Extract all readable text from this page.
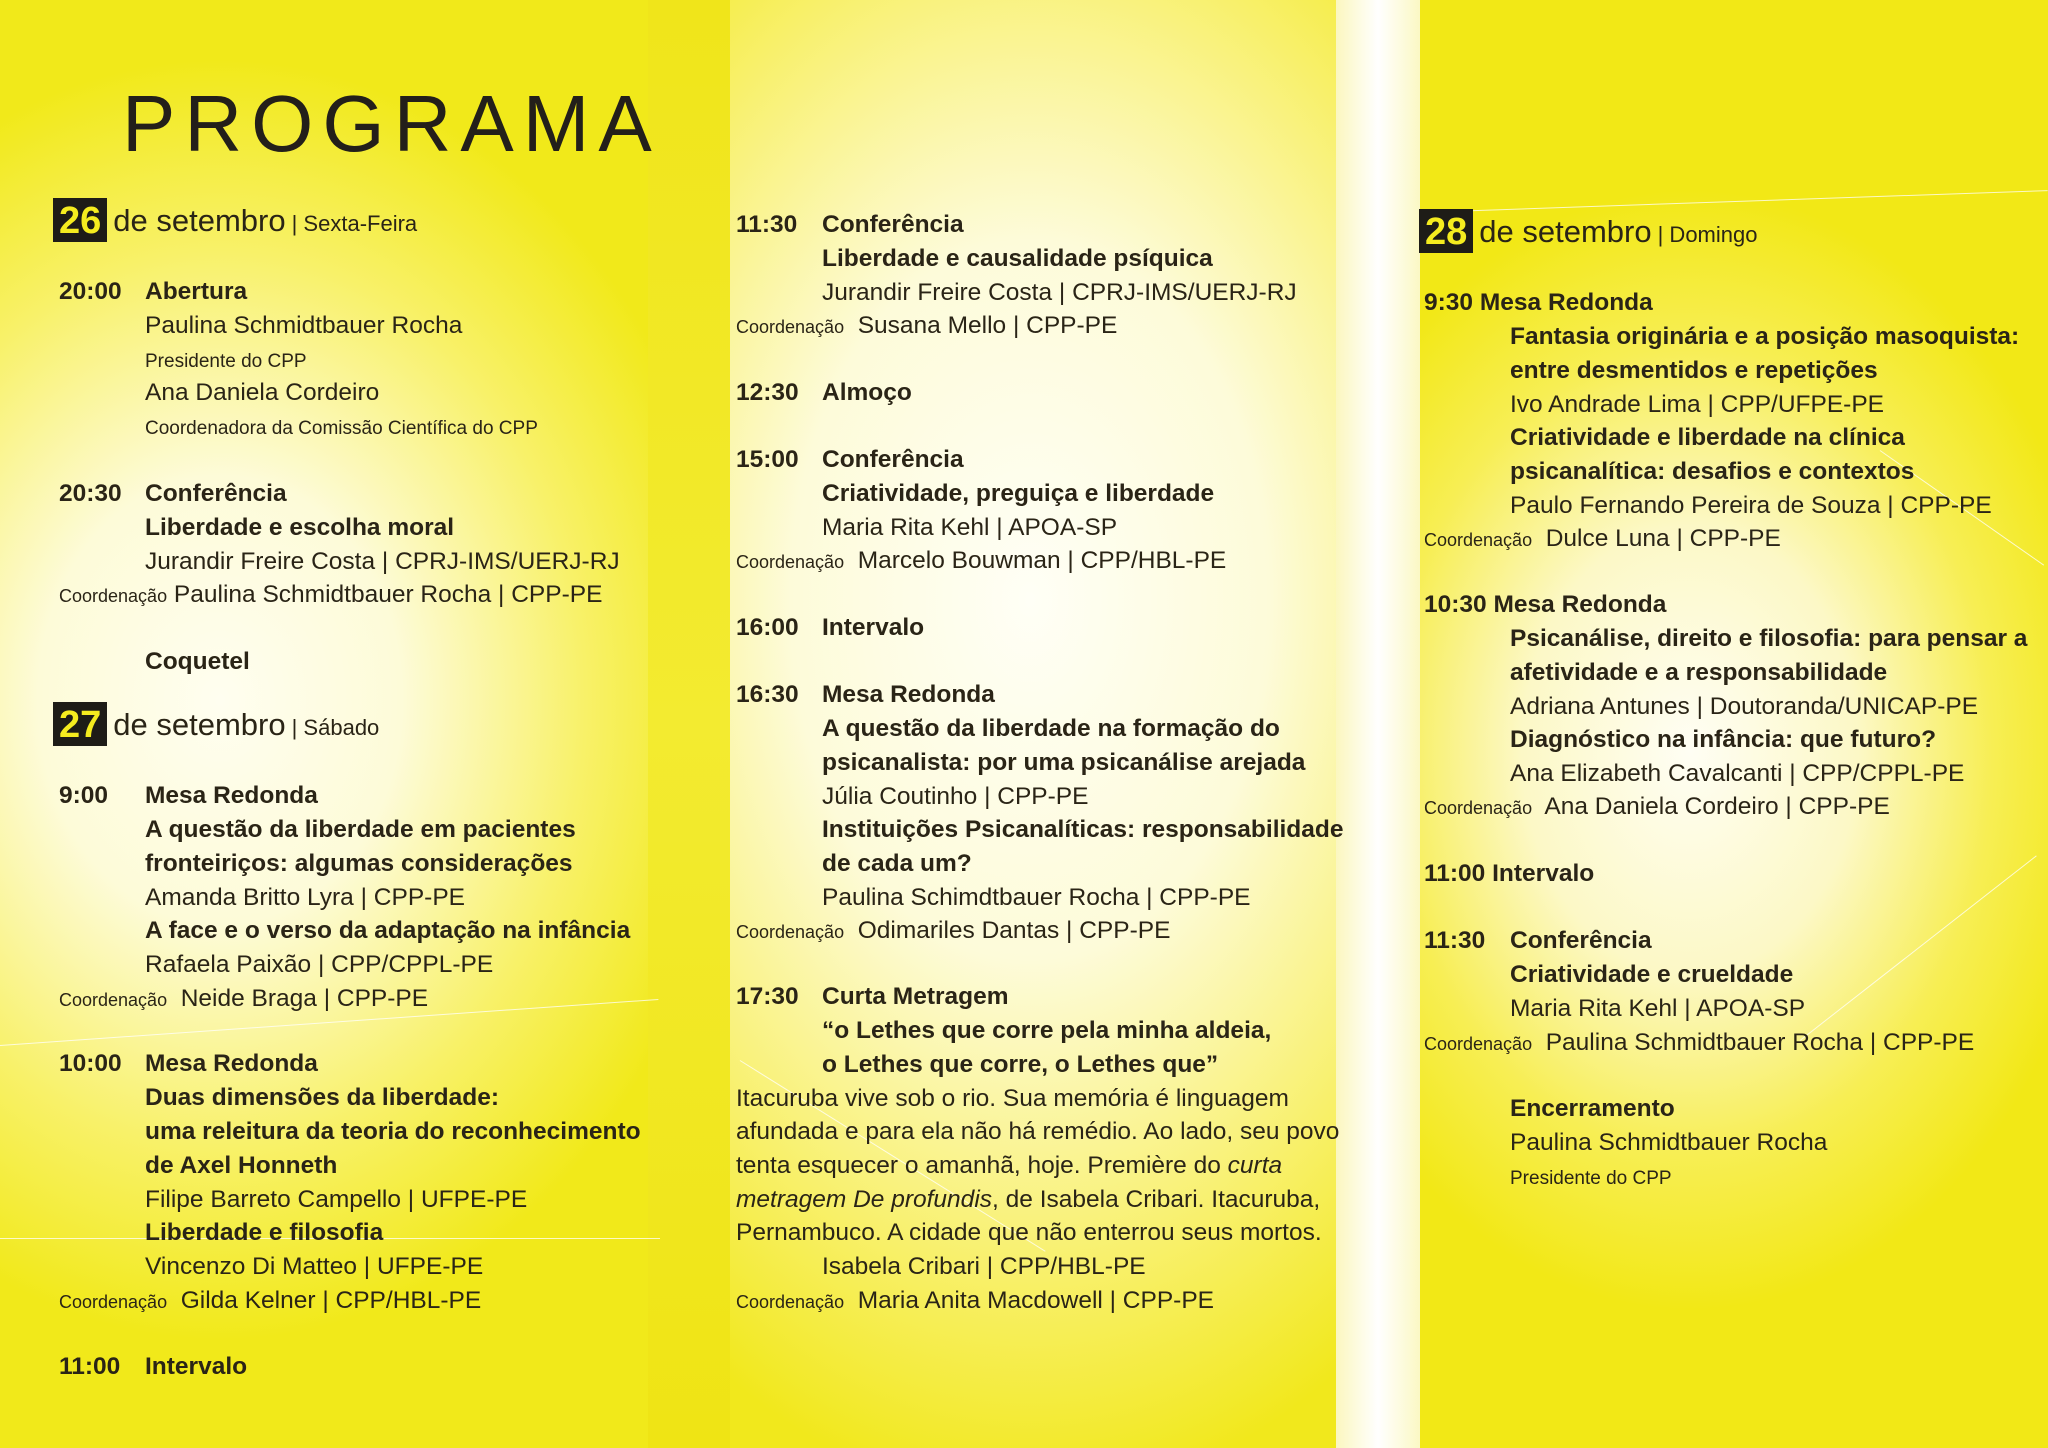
PROGRAMA
26 de setembro | Sexta-Feira
20:00 Abertura
Paulina Schmidtbauer Rocha
Presidente do CPP
Ana Daniela Cordeiro
Coordenadora da Comissão Científica do CPP
20:30 Conferência
Liberdade e escolha moral
Jurandir Freire Costa | CPRJ-IMS/UERJ-RJ
Coordenação Paulina Schmidtbauer Rocha | CPP-PE
Coquetel
27 de setembro | Sábado
9:00 Mesa Redonda
A questão da liberdade em pacientes
fronteiriços: algumas considerações
Amanda Britto Lyra | CPP-PE
A face e o verso da adaptação na infância
Rafaela Paixão | CPP/CPPL-PE
Coordenação Neide Braga | CPP-PE
10:00 Mesa Redonda
Duas dimensões da liberdade:
uma releitura da teoria do reconhecimento
de Axel Honneth
Filipe Barreto Campello | UFPE-PE
Liberdade e filosofia
Vincenzo Di Matteo | UFPE-PE
Coordenação Gilda Kelner | CPP/HBL-PE
11:00 Intervalo
11:30 Conferência
Liberdade e causalidade psíquica
Jurandir Freire Costa | CPRJ-IMS/UERJ-RJ
Coordenação Susana Mello | CPP-PE
12:30 Almoço
15:00 Conferência
Criatividade, preguiça e liberdade
Maria Rita Kehl | APOA-SP
Coordenação Marcelo Bouwman | CPP/HBL-PE
16:00 Intervalo
16:30 Mesa Redonda
A questão da liberdade na formação do
psicanalista: por uma psicanálise arejada
Júlia Coutinho | CPP-PE
Instituições Psicanalíticas: responsabilidade
de cada um?
Paulina Schimdtbauer Rocha | CPP-PE
Coordenação Odimariles Dantas | CPP-PE
17:30 Curta Metragem
“o Lethes que corre pela minha aldeia,
o Lethes que corre, o Lethes que”
Itacuruba vive sob o rio. Sua memória é linguagem
afundada e para ela não há remédio. Ao lado, seu povo
tenta esquecer o amanhã, hoje. Première do curta
metragem De profundis, de Isabela Cribari. Itacuruba,
Pernambuco. A cidade que não enterrou seus mortos.
Isabela Cribari | CPP/HBL-PE
Coordenação Maria Anita Macdowell | CPP-PE
28 de setembro | Domingo
9:30 Mesa Redonda
Fantasia originária e a posição masoquista:
entre desmentidos e repetições
Ivo Andrade Lima | CPP/UFPE-PE
Criatividade e liberdade na clínica
psicanalítica: desafios e contextos
Paulo Fernando Pereira de Souza | CPP-PE
Coordenação Dulce Luna | CPP-PE
10:30 Mesa Redonda
Psicanálise, direito e filosofia: para pensar a
afetividade e a responsabilidade
Adriana Antunes | Doutoranda/UNICAP-PE
Diagnóstico na infância: que futuro?
Ana Elizabeth Cavalcanti | CPP/CPPL-PE
Coordenação Ana Daniela Cordeiro | CPP-PE
11:00 Intervalo
11:30 Conferência
Criatividade e crueldade
Maria Rita Kehl | APOA-SP
Coordenação Paulina Schmidtbauer Rocha | CPP-PE
Encerramento
Paulina Schmidtbauer Rocha
Presidente do CPP
